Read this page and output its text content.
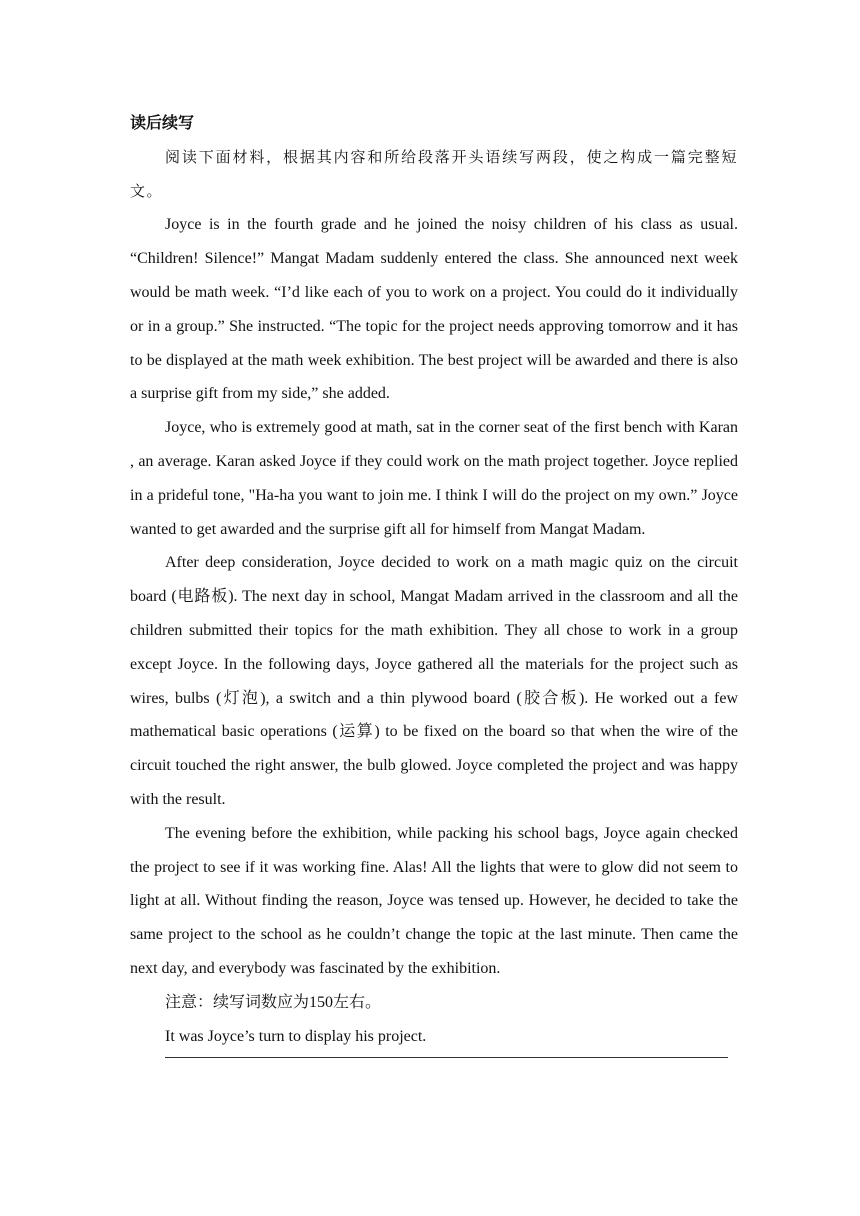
读后续写

阅读下面材料，根据其内容和所给段落开头语续写两段，使之构成一篇完整短文。

Joyce is in the fourth grade and he joined the noisy children of his class as usual. “Children! Silence!” Mangat Madam suddenly entered the class. She announced next week would be math week. “I’d like each of you to work on a project. You could do it individually or in a group.” She instructed. “The topic for the project needs approving tomorrow and it has to be displayed at the math week exhibition. The best project will be awarded and there is also a surprise gift from my side,” she added.

Joyce, who is extremely good at math, sat in the corner seat of the first bench with Karan , an average. Karan asked Joyce if they could work on the math project together. Joyce replied in a prideful tone, "Ha-ha you want to join me. I think I will do the project on my own.” Joyce wanted to get awarded and the surprise gift all for himself from Mangat Madam.

After deep consideration, Joyce decided to work on a math magic quiz on the circuit board (电路板). The next day in school, Mangat Madam arrived in the classroom and all the children submitted their topics for the math exhibition. They all chose to work in a group except Joyce. In the following days, Joyce gathered all the materials for the project such as wires, bulbs (灯泡), a switch and a thin plywood board (胶合板). He worked out a few mathematical basic operations (运算) to be fixed on the board so that when the wire of the circuit touched the right answer, the bulb glowed. Joyce completed the project and was happy with the result.

The evening before the exhibition, while packing his school bags, Joyce again checked the project to see if it was working fine. Alas! All the lights that were to glow did not seem to light at all. Without finding the reason, Joyce was tensed up. However, he decided to take the same project to the school as he couldn’t change the topic at the last minute. Then came the next day, and everybody was fascinated by the exhibition.

注意：续写词数应为150左右。

It was Joyce’s turn to display his project.
